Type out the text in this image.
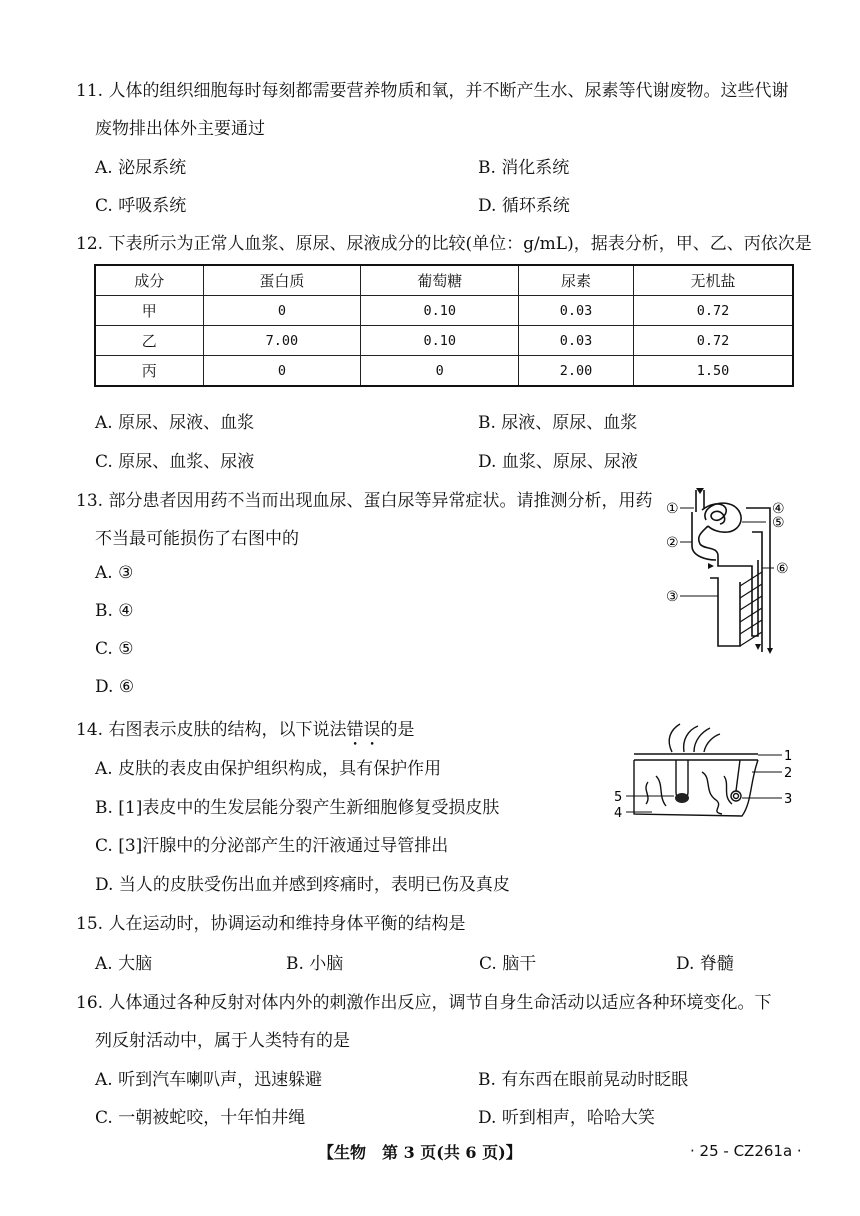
11. 人体的组织细胞每时每刻都需要营养物质和氧，并不断产生水、尿素等代谢废物。这些代谢
废物排出体外主要通过
A. 泌尿系统	B. 消化系统
C. 呼吸系统	D. 循环系统
12. 下表所示为正常人血浆、原尿、尿液成分的比较(单位：g/mL)，据表分析，甲、乙、丙依次是
成分	蛋白质	葡萄糖	尿素	无机盐
甲	0	0.10	0.03	0.72
乙	7.00	0.10	0.03	0.72
丙	0	0	2.00	1.50
A. 原尿、尿液、血浆	B. 尿液、原尿、血浆
C. 原尿、血浆、尿液	D. 血浆、原尿、尿液
13. 部分患者因用药不当而出现血尿、蛋白尿等异常症状。请推测分析，用药
不当最可能损伤了右图中的
A. ③
B. ④
C. ⑤
D. ⑥
①
②
③
④
⑤
⑥
14. 右图表示皮肤的结构，以下说法错误的是
A. 皮肤的表皮由保护组织构成，具有保护作用
B. [1]表皮中的生发层能分裂产生新细胞修复受损皮肤
C. [3]汗腺中的分泌部产生的汗液通过导管排出
D. 当人的皮肤受伤出血并感到疼痛时，表明已伤及真皮
1
2
3
4
5
15. 人在运动时，协调运动和维持身体平衡的结构是
A. 大脑	B. 小脑	C. 脑干	D. 脊髓
16. 人体通过各种反射对体内外的刺激作出反应，调节自身生命活动以适应各种环境变化。下
列反射活动中，属于人类特有的是
A. 听到汽车喇叭声，迅速躲避	B. 有东西在眼前晃动时眨眼
C. 一朝被蛇咬，十年怕井绳	D. 听到相声，哈哈大笑
【生物　第 3 页(共 6 页)】	· 25 - CZ261a ·
